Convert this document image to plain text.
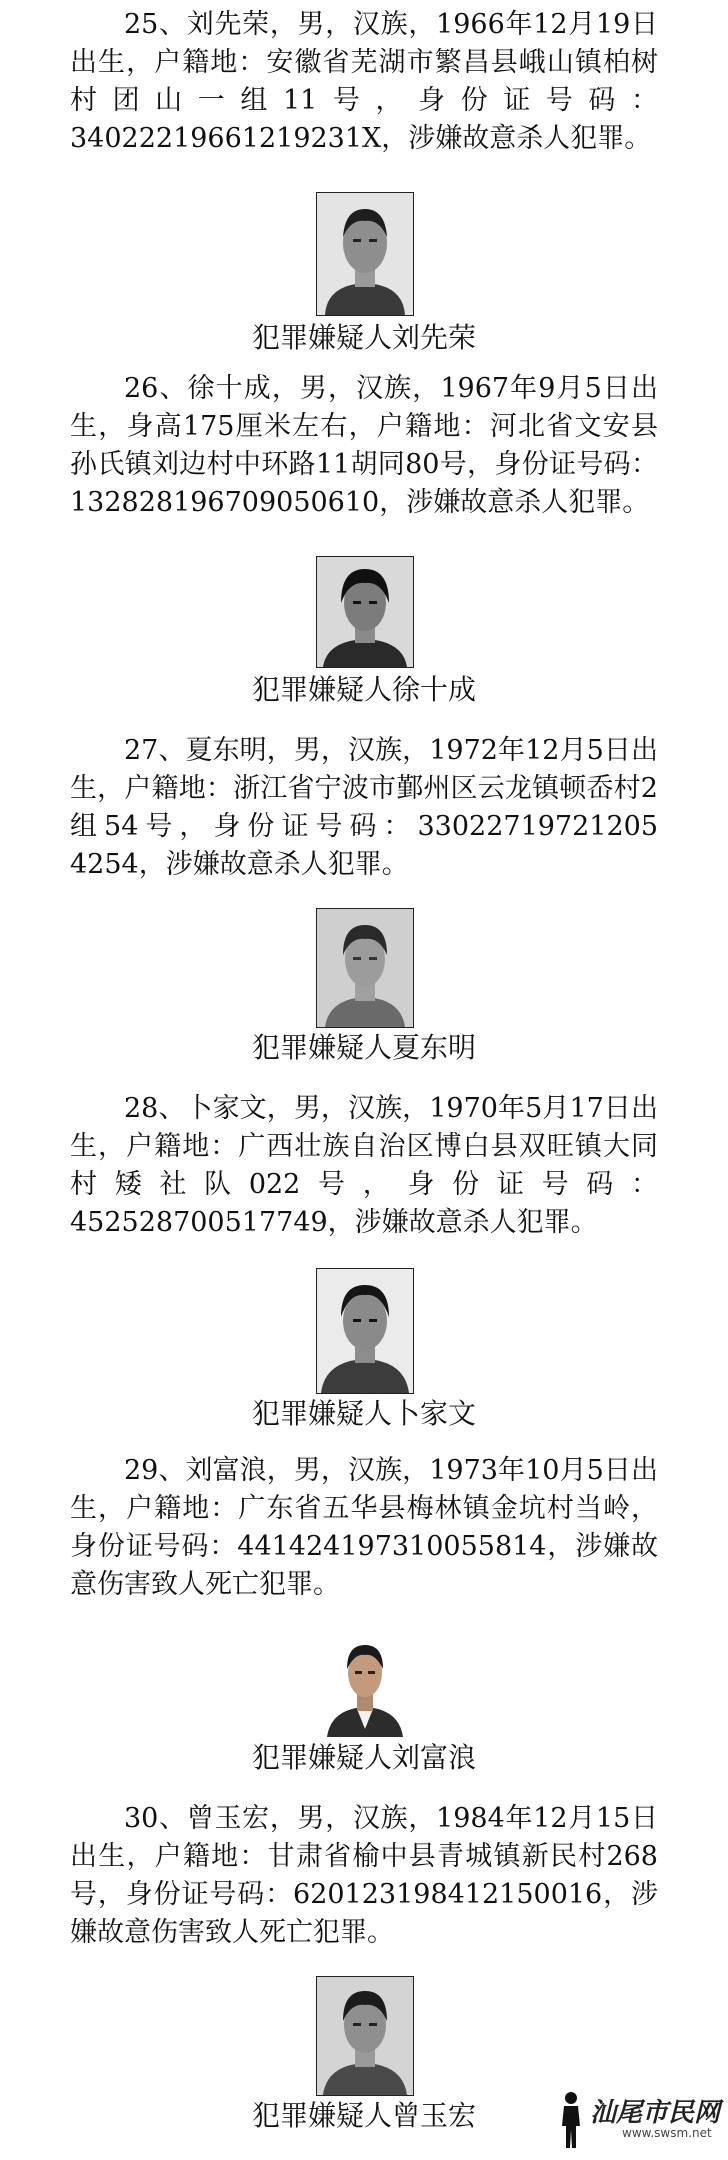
25、刘先荣，男，汉族，1966年12月19日出生，户籍地：安徽省芜湖市繁昌县峨山镇柏树村团山一组11号，身份证号码：340222196612192​31X，涉嫌故意杀人犯罪。

犯罪嫌疑人刘先荣

26、徐十成，男，汉族，1967年9月5日出生，身高175厘米左右，户籍地：河北省文安县孙氏镇刘边村中环路11胡同80号，身份证号码：13282819670905​0610，涉嫌故意杀人犯罪。

犯罪嫌疑人徐十成

27、夏东明，男，汉族，1972年12月5日出生，户籍地：浙江省宁波市鄞州区云龙镇顿岙村2组54号，身份证号码：33022719721205​4254，涉嫌故意杀人犯罪。

犯罪嫌疑人夏东明

28、卜家文，男，汉族，1970年5月17日出生，户籍地：广西壮族自治区博白县双旺镇大同村矮社队022号，身份证号码：452528700517749，涉嫌故意杀人犯罪。

犯罪嫌疑人卜家文

29、刘富浪，男，汉族，1973年10月5日出生，户籍地：广东省五华县梅林镇金坑村当岭，身份证号码：44142419731005​5814，涉嫌故意伤害致人死亡犯罪。

犯罪嫌疑人刘富浪

30、曾玉宏，男，汉族，1984年12月15日出生，户籍地：甘肃省榆中县青城镇新民村268号，身份证号码：62012319841215​0016，涉嫌故意伤害致人死亡犯罪。

犯罪嫌疑人曾玉宏	汕尾市民网
www.swsm.net
